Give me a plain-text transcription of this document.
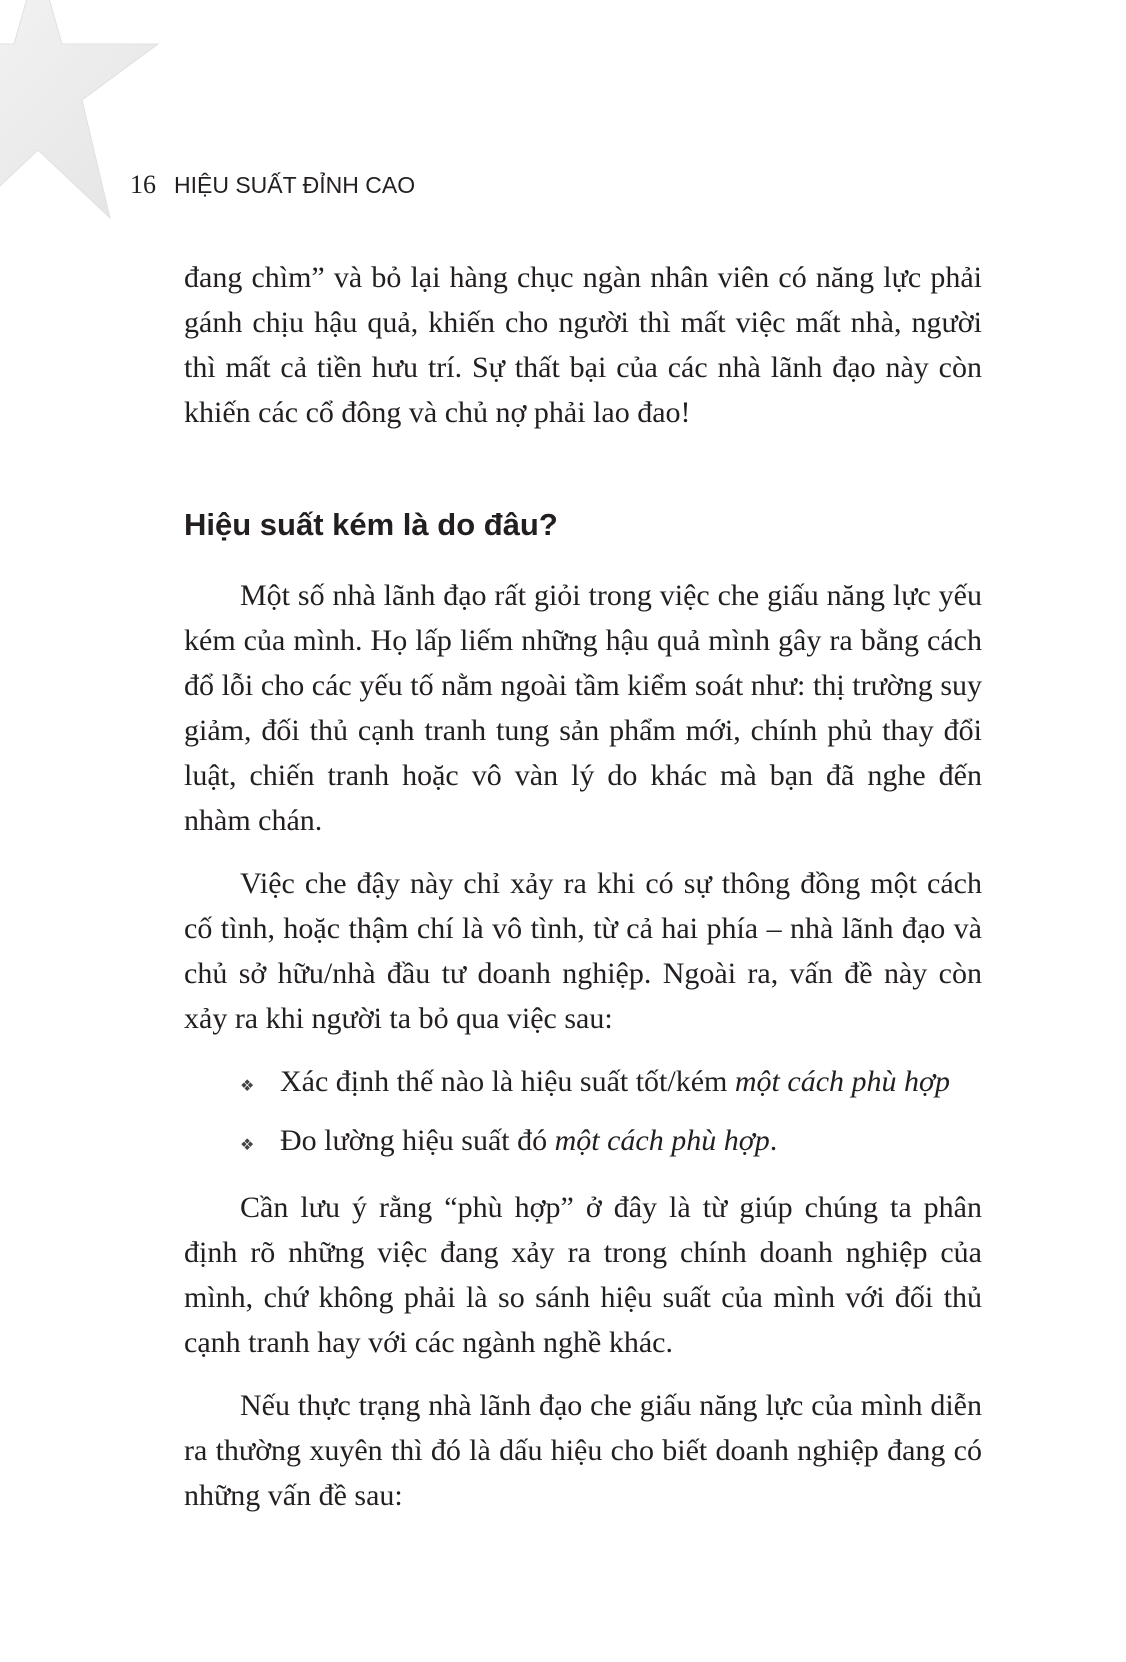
16 HIỆU SUẤT ĐỈNH CAO

đang chìm” và bỏ lại hàng chục ngàn nhân viên có năng lực phải gánh chịu hậu quả, khiến cho người thì mất việc mất nhà, người thì mất cả tiền hưu trí. Sự thất bại của các nhà lãnh đạo này còn khiến các cổ đông và chủ nợ phải lao đao!

Hiệu suất kém là do đâu?

Một số nhà lãnh đạo rất giỏi trong việc che giấu năng lực yếu kém của mình. Họ lấp liếm những hậu quả mình gây ra bằng cách đổ lỗi cho các yếu tố nằm ngoài tầm kiểm soát như: thị trường suy giảm, đối thủ cạnh tranh tung sản phẩm mới, chính phủ thay đổi luật, chiến tranh hoặc vô vàn lý do khác mà bạn đã nghe đến nhàm chán.

Việc che đậy này chỉ xảy ra khi có sự thông đồng một cách cố tình, hoặc thậm chí là vô tình, từ cả hai phía – nhà lãnh đạo và chủ sở hữu/nhà đầu tư doanh nghiệp. Ngoài ra, vấn đề này còn xảy ra khi người ta bỏ qua việc sau:

❖ Xác định thế nào là hiệu suất tốt/kém một cách phù hợp
❖ Đo lường hiệu suất đó một cách phù hợp.

Cần lưu ý rằng “phù hợp” ở đây là từ giúp chúng ta phân định rõ những việc đang xảy ra trong chính doanh nghiệp của mình, chứ không phải là so sánh hiệu suất của mình với đối thủ cạnh tranh hay với các ngành nghề khác.

Nếu thực trạng nhà lãnh đạo che giấu năng lực của mình diễn ra thường xuyên thì đó là dấu hiệu cho biết doanh nghiệp đang có những vấn đề sau:
